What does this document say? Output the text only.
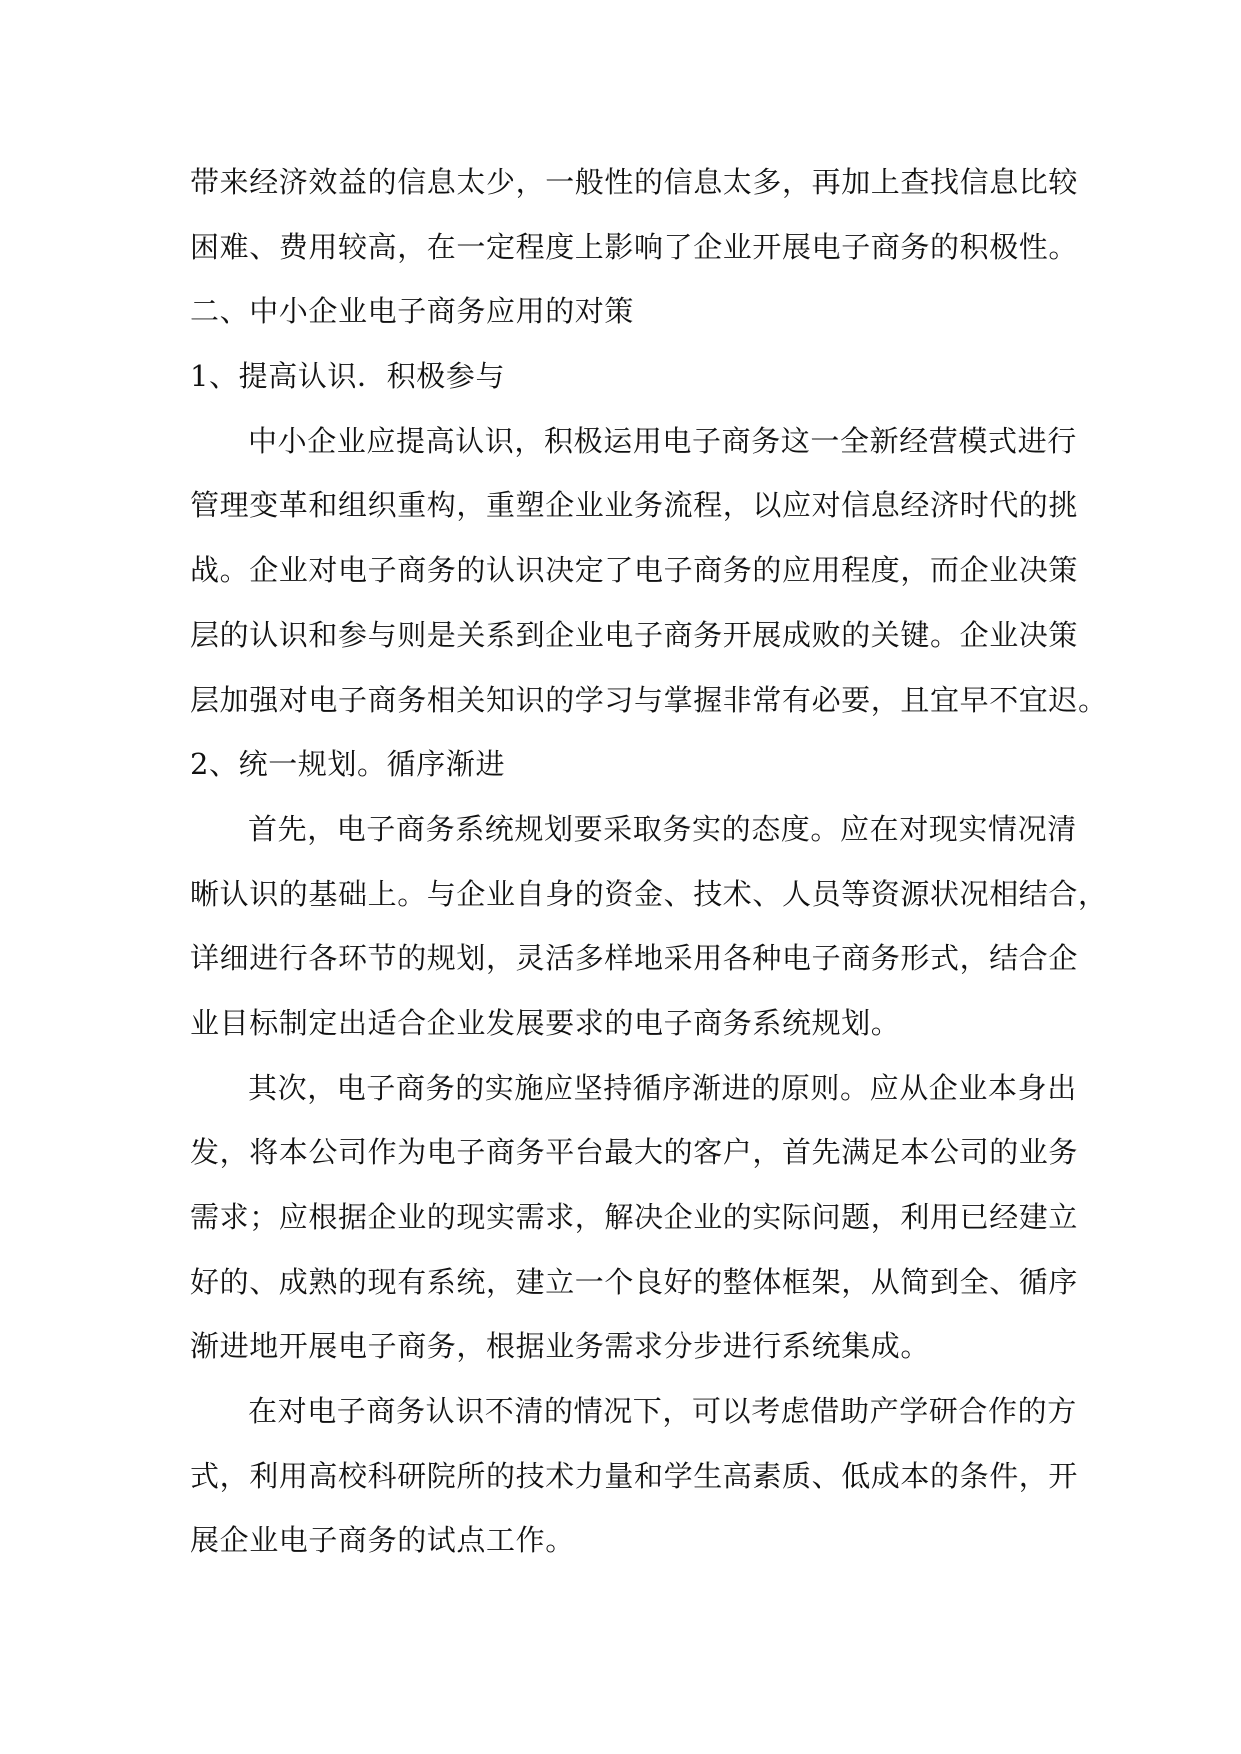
带来经济效益的信息太少，一般性的信息太多，再加上查找信息比较
困难、费用较高，在一定程度上影响了企业开展电子商务的积极性。
二、中小企业电子商务应用的对策
1、提高认识．积极参与
中小企业应提高认识，积极运用电子商务这一全新经营模式进行
管理变革和组织重构，重塑企业业务流程，以应对信息经济时代的挑
战。企业对电子商务的认识决定了电子商务的应用程度，而企业决策
层的认识和参与则是关系到企业电子商务开展成败的关键。企业决策
层加强对电子商务相关知识的学习与掌握非常有必要，且宜早不宜迟。
2、统一规划。循序渐进
首先，电子商务系统规划要采取务实的态度。应在对现实情况清
晰认识的基础上。与企业自身的资金、技术、人员等资源状况相结合，
详细进行各环节的规划，灵活多样地采用各种电子商务形式，结合企
业目标制定出适合企业发展要求的电子商务系统规划。
其次，电子商务的实施应坚持循序渐进的原则。应从企业本身出
发，将本公司作为电子商务平台最大的客户，首先满足本公司的业务
需求；应根据企业的现实需求，解决企业的实际问题，利用已经建立
好的、成熟的现有系统，建立一个良好的整体框架，从简到全、循序
渐进地开展电子商务，根据业务需求分步进行系统集成。
在对电子商务认识不清的情况下，可以考虑借助产学研合作的方
式，利用高校科研院所的技术力量和学生高素质、低成本的条件，开
展企业电子商务的试点工作。
